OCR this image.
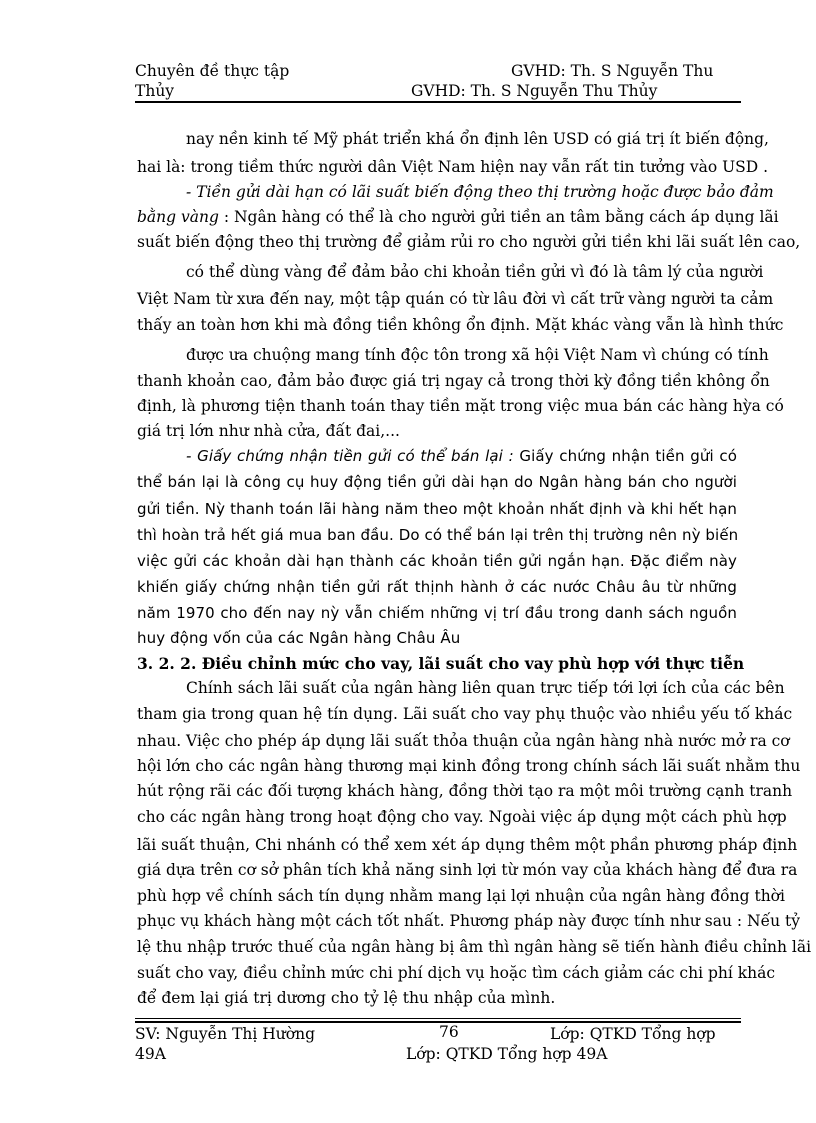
Chuyên đề thực tập
Thủy
GVHD: Th. S Nguyễn Thu
GVHD: Th. S Nguyễn Thu Thủy
nay nền kinh tế Mỹ phát triển khá ổn định lên USD có giá trị ít biến động,
hai là: trong tiềm thức người dân Việt Nam hiện nay vẫn rất tin tưởng vào USD .
- Tiền gửi dài hạn có lãi suất biến động theo thị trường hoặc được bảo đảm
bằng vàng : Ngân hàng có thể là cho người gửi tiền an tâm bằng cách áp dụng lãi
suất biến động theo thị trường để giảm rủi ro cho người gửi tiền khi lãi suất lên cao,
có thể dùng vàng để đảm bảo chi khoản tiền gửi vì đó là tâm lý của người
Việt Nam từ xưa đến nay, một tập quán có từ lâu đời vì cất trữ vàng người ta cảm
thấy an toàn hơn khi mà đồng tiền không ổn định. Mặt khác vàng vẫn là hình thức
được ưa chuộng mang tính độc tôn trong xã hội Việt Nam vì chúng có tính
thanh khoản cao, đảm bảo được giá trị ngay cả trong thời kỳ đồng tiền không ổn
định, là phương tiện thanh toán thay tiền mặt trong việc mua bán các hàng hỳa có
giá trị lớn như nhà cửa, đất đai,...
- Giấy chứng nhận tiền gửi có thể bán lại : Giấy chứng nhận tiền gửi có
thể bán lại là công cụ huy động tiền gửi dài hạn do Ngân hàng bán cho người
gửi tiền. Nỳ thanh toán lãi hàng năm theo một khoản nhất định và khi hết hạn
thì hoàn trả hết giá mua ban đầu. Do có thể bán lại trên thị trường nên nỳ biến
việc gửi các khoản dài hạn thành các khoản tiền gửi ngắn hạn. Đặc điểm này
khiến giấy chứng nhận tiền gửi rất thịnh hành ở các nước Châu âu từ những
năm 1970 cho đến nay nỳ vẫn chiếm những vị trí đầu trong danh sách nguồn
huy động vốn của các Ngân hàng Châu Âu
3. 2. 2. Điều chỉnh mức cho vay, lãi suất cho vay phù hợp với thực tiễn
Chính sách lãi suất của ngân hàng liên quan trực tiếp tới lợi ích của các bên
tham gia trong quan hệ tín dụng. Lãi suất cho vay phụ thuộc vào nhiều yếu tố khác
nhau. Việc cho phép áp dụng lãi suất thỏa thuận của ngân hàng nhà nước mở ra cơ
hội lớn cho các ngân hàng thương mại kinh đồng trong chính sách lãi suất nhằm thu
hút rộng rãi các đối tượng khách hàng, đồng thời tạo ra một môi trường cạnh tranh
cho các ngân hàng trong hoạt động cho vay. Ngoài việc áp dụng một cách phù hợp
lãi suất thuận, Chi nhánh có thể xem xét áp dụng thêm một phần phương pháp định
giá dựa trên cơ sở phân tích khả năng sinh lợi từ món vay của khách hàng để đưa ra
phù hợp về chính sách tín dụng nhằm mang lại lợi nhuận của ngân hàng đồng thời
phục vụ khách hàng một cách tốt nhất. Phương pháp này được tính như sau : Nếu tỷ
lệ thu nhập trước thuế của ngân hàng bị âm thì ngân hàng sẽ tiến hành điều chỉnh lãi
suất cho vay, điều chỉnh mức chi phí dịch vụ hoặc tìm cách giảm các chi phí khác
để đem lại giá trị dương cho tỷ lệ thu nhập của mình.
SV: Nguyễn Thị Hường
49A
76	Lớp: QTKD Tổng hợp
Lớp: QTKD Tổng hợp 49A
